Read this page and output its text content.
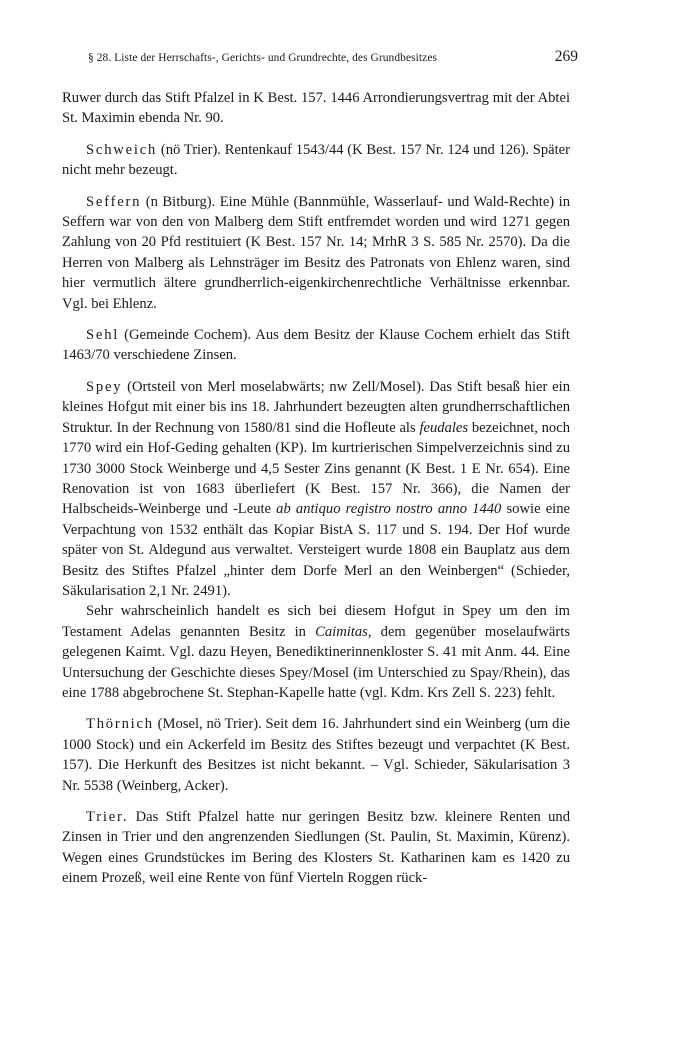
§ 28. Liste der Herrschafts-, Gerichts- und Grundrechte, des Grundbesitzes	269

Ruwer durch das Stift Pfalzel in K Best. 157. 1446 Arrondierungsvertrag mit der Abtei St. Maximin ebenda Nr. 90.

Schweich (nö Trier). Rentenkauf 1543/44 (K Best. 157 Nr. 124 und 126). Später nicht mehr bezeugt.

Seffern (n Bitburg). Eine Mühle (Bannmühle, Wasserlauf- und Wald-Rechte) in Seffern war von den von Malberg dem Stift entfremdet worden und wird 1271 gegen Zahlung von 20 Pfd restituiert (K Best. 157 Nr. 14; MrhR 3 S. 585 Nr. 2570). Da die Herren von Malberg als Lehnsträger im Besitz des Patronats von Ehlenz waren, sind hier vermutlich ältere grundherrlich-eigenkirchenrechtliche Verhältnisse erkennbar. Vgl. bei Ehlenz.

Sehl (Gemeinde Cochem). Aus dem Besitz der Klause Cochem erhielt das Stift 1463/70 verschiedene Zinsen.

Spey (Ortsteil von Merl moselabwärts; nw Zell/Mosel). Das Stift besaß hier ein kleines Hofgut mit einer bis ins 18. Jahrhundert bezeugten alten grundherrschaftlichen Struktur. In der Rechnung von 1580/81 sind die Hofleute als feudales bezeichnet, noch 1770 wird ein Hof-Geding gehalten (KP). Im kurtrierischen Simpelverzeichnis sind zu 1730 3000 Stock Weinberge und 4,5 Sester Zins genannt (K Best. 1 E Nr. 654). Eine Renovation ist von 1683 überliefert (K Best. 157 Nr. 366), die Namen der Halbscheids-Weinberge und -Leute ab antiquo registro nostro anno 1440 sowie eine Verpachtung von 1532 enthält das Kopiar BistA S. 117 und S. 194. Der Hof wurde später von St. Aldegund aus verwaltet. Versteigert wurde 1808 ein Bauplatz aus dem Besitz des Stiftes Pfalzel „hinter dem Dorfe Merl an den Weinbergen“ (Schieder, Säkularisation 2,1 Nr. 2491).

Sehr wahrscheinlich handelt es sich bei diesem Hofgut in Spey um den im Testament Adelas genannten Besitz in Caimitas, dem gegenüber moselaufwärts gelegenen Kaimt. Vgl. dazu Heyen, Benediktinerinnenkloster S. 41 mit Anm. 44. Eine Untersuchung der Geschichte dieses Spey/Mosel (im Unterschied zu Spay/Rhein), das eine 1788 abgebrochene St. Stephan-Kapelle hatte (vgl. Kdm. Krs Zell S. 223) fehlt.

Thörnich (Mosel, nö Trier). Seit dem 16. Jahrhundert sind ein Weinberg (um die 1000 Stock) und ein Ackerfeld im Besitz des Stiftes bezeugt und verpachtet (K Best. 157). Die Herkunft des Besitzes ist nicht bekannt. – Vgl. Schieder, Säkularisation 3 Nr. 5538 (Weinberg, Acker).

Trier. Das Stift Pfalzel hatte nur geringen Besitz bzw. kleinere Renten und Zinsen in Trier und den angrenzenden Siedlungen (St. Paulin, St. Maximin, Kürenz). Wegen eines Grundstückes im Bering des Klosters St. Katharinen kam es 1420 zu einem Prozeß, weil eine Rente von fünf Vierteln Roggen rück-
